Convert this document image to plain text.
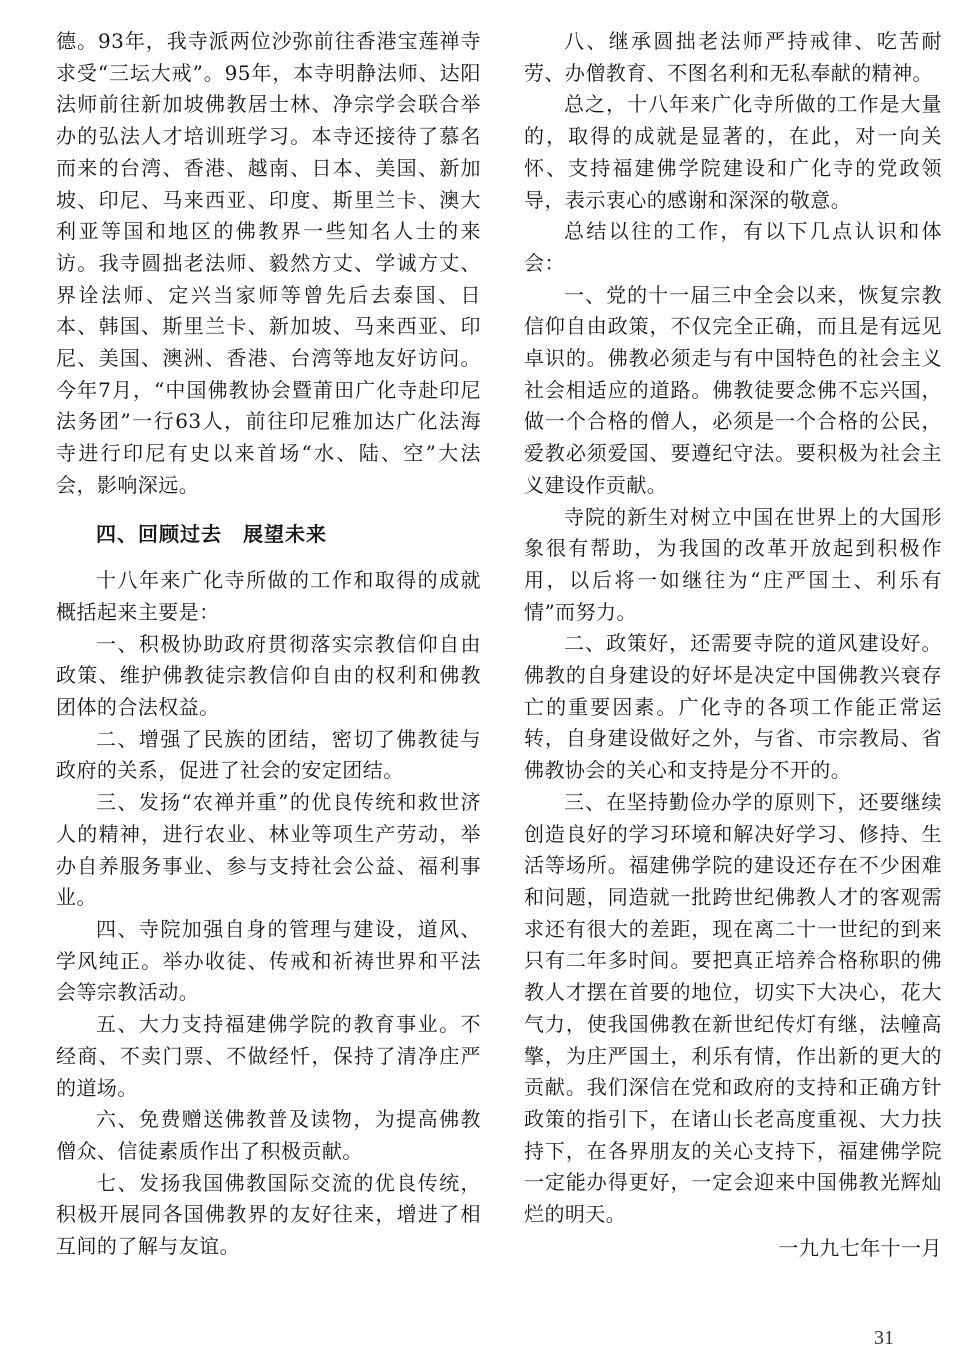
德。93年，我寺派两位沙弥前往香港宝莲禅寺求受“三坛大戒”。95年，本寺明静法师、达阳法师前往新加坡佛教居士林、净宗学会联合举办的弘法人才培训班学习。本寺还接待了慕名而来的台湾、香港、越南、日本、美国、新加坡、印尼、马来西亚、印度、斯里兰卡、澳大利亚等国和地区的佛教界一些知名人士的来访。我寺圆拙老法师、毅然方丈、学诚方丈、界诠法师、定兴当家师等曾先后去泰国、日本、韩国、斯里兰卡、新加坡、马来西亚、印尼、美国、澳洲、香港、台湾等地友好访问。今年7月，“中国佛教协会暨莆田广化寺赴印尼法务团”一行63人，前往印尼雅加达广化法海寺进行印尼有史以来首场“水、陆、空”大法会，影响深远。

四、回顾过去　展望未来

十八年来广化寺所做的工作和取得的成就概括起来主要是：

一、积极协助政府贯彻落实宗教信仰自由政策、维护佛教徒宗教信仰自由的权利和佛教团体的合法权益。

二、增强了民族的团结，密切了佛教徒与政府的关系，促进了社会的安定团结。

三、发扬“农禅并重”的优良传统和救世济人的精神，进行农业、林业等项生产劳动，举办自养服务事业、参与支持社会公益、福利事业。

四、寺院加强自身的管理与建设，道风、学风纯正。举办收徒、传戒和祈祷世界和平法会等宗教活动。

五、大力支持福建佛学院的教育事业。不经商、不卖门票、不做经忏，保持了清净庄严的道场。

六、免费赠送佛教普及读物，为提高佛教僧众、信徒素质作出了积极贡献。

七、发扬我国佛教国际交流的优良传统，积极开展同各国佛教界的友好往来，增进了相互间的了解与友谊。

八、继承圆拙老法师严持戒律、吃苦耐劳、办僧教育、不图名利和无私奉献的精神。

总之，十八年来广化寺所做的工作是大量的，取得的成就是显著的，在此，对一向关怀、支持福建佛学院建设和广化寺的党政领导，表示衷心的感谢和深深的敬意。

总结以往的工作，有以下几点认识和体会：

一、党的十一届三中全会以来，恢复宗教信仰自由政策，不仅完全正确，而且是有远见卓识的。佛教必须走与有中国特色的社会主义社会相适应的道路。佛教徒要念佛不忘兴国，做一个合格的僧人，必须是一个合格的公民，爱教必须爱国、要遵纪守法。要积极为社会主义建设作贡献。

寺院的新生对树立中国在世界上的大国形象很有帮助，为我国的改革开放起到积极作用，以后将一如继往为“庄严国土、利乐有情”而努力。

二、政策好，还需要寺院的道风建设好。佛教的自身建设的好坏是决定中国佛教兴衰存亡的重要因素。广化寺的各项工作能正常运转，自身建设做好之外，与省、市宗教局、省佛教协会的关心和支持是分不开的。

三、在坚持勤俭办学的原则下，还要继续创造良好的学习环境和解决好学习、修持、生活等场所。福建佛学院的建设还存在不少困难和问题，同造就一批跨世纪佛教人才的客观需求还有很大的差距，现在离二十一世纪的到来只有二年多时间。要把真正培养合格称职的佛教人才摆在首要的地位，切实下大决心，花大气力，使我国佛教在新世纪传灯有继，法幢高擎，为庄严国土，利乐有情，作出新的更大的贡献。我们深信在党和政府的支持和正确方针政策的指引下，在诸山长老高度重视、大力扶持下，在各界朋友的关心支持下，福建佛学院一定能办得更好，一定会迎来中国佛教光辉灿烂的明天。

一九九七年十一月

31
